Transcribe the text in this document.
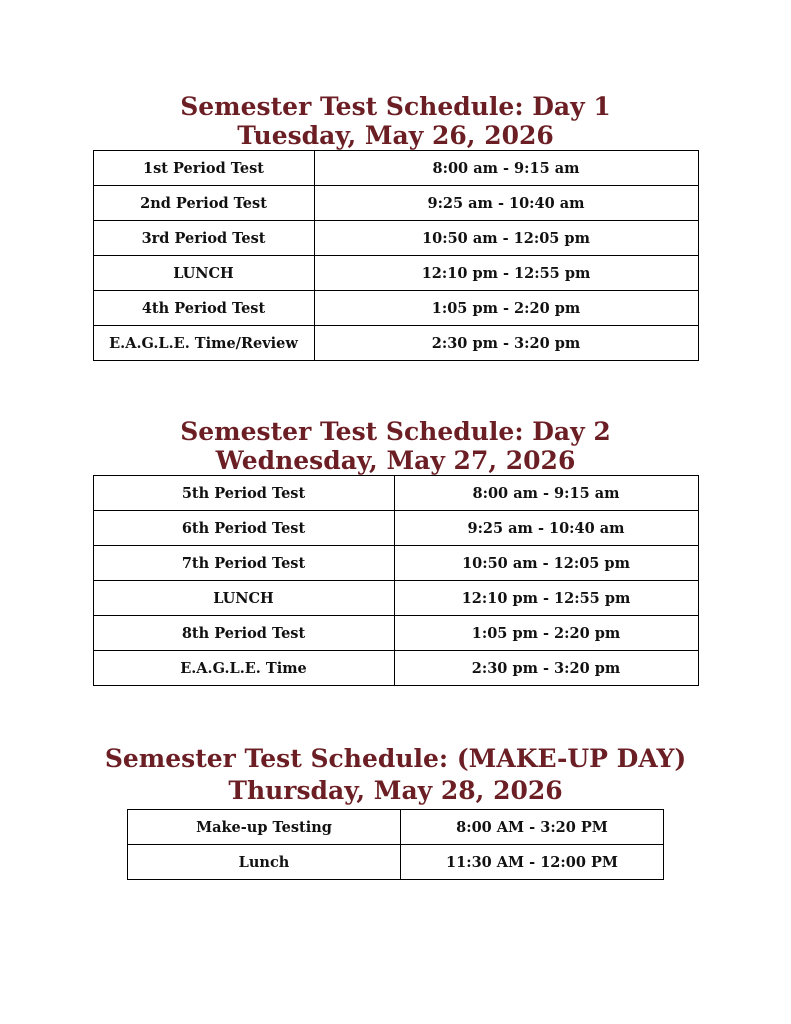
Semester Test Schedule: Day 1

Tuesday, May 26, 2026

1st Period Test	8:00 am - 9:15 am
2nd Period Test	9:25 am - 10:40 am
3rd Period Test	10:50 am - 12:05 pm
LUNCH	12:10 pm - 12:55 pm
4th Period Test	1:05 pm - 2:20 pm
E.A.G.L.E. Time/Review	2:30 pm - 3:20 pm

Semester Test Schedule: Day 2

Wednesday, May 27, 2026

5th Period Test	8:00 am - 9:15 am
6th Period Test	9:25 am - 10:40 am
7th Period Test	10:50 am - 12:05 pm
LUNCH	12:10 pm - 12:55 pm
8th Period Test	1:05 pm - 2:20 pm
E.A.G.L.E. Time	2:30 pm - 3:20 pm

Semester Test Schedule: (MAKE-UP DAY)

Thursday, May 28, 2026

Make-up Testing	8:00 AM - 3:20 PM
Lunch	11:30 AM - 12:00 PM
